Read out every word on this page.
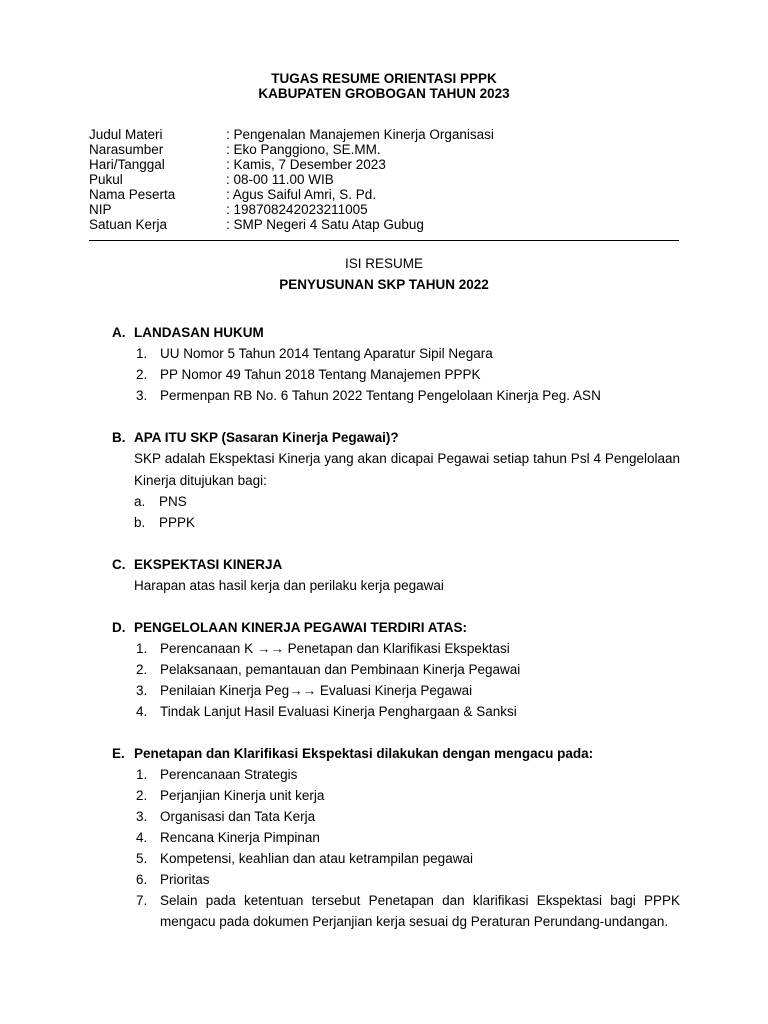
TUGAS RESUME ORIENTASI PPPK
KABUPATEN GROBOGAN TAHUN 2023
Judul Materi	: Pengenalan Manajemen Kinerja Organisasi
Narasumber	: Eko Panggiono, SE.MM.
Hari/Tanggal	: Kamis, 7 Desember 2023
Pukul	: 08-00 11.00 WIB
Nama Peserta	: Agus Saiful Amri, S. Pd.
NIP	: 198708242023211005
Satuan Kerja	: SMP Negeri 4 Satu Atap Gubug
ISI RESUME
PENYUSUNAN SKP TAHUN 2022
A. LANDASAN HUKUM
1. UU Nomor 5 Tahun 2014 Tentang Aparatur Sipil Negara
2. PP Nomor 49 Tahun 2018 Tentang Manajemen PPPK
3. Permenpan RB No. 6 Tahun 2022 Tentang Pengelolaan Kinerja Peg. ASN
B. APA ITU SKP (Sasaran Kinerja Pegawai)?
SKP adalah Ekspektasi Kinerja yang akan dicapai Pegawai setiap tahun Psl 4 Pengelolaan Kinerja ditujukan bagi:
a.	PNS
b.	PPPK
C. EKSPEKTASI KINERJA
Harapan atas hasil kerja dan perilaku kerja pegawai
D. PENGELOLAAN KINERJA PEGAWAI TERDIRI ATAS:
1. Perencanaan K →→ Penetapan dan Klarifikasi Ekspektasi
2. Pelaksanaan, pemantauan dan Pembinaan Kinerja Pegawai
3. Penilaian Kinerja Peg→→ Evaluasi Kinerja Pegawai
4. Tindak Lanjut Hasil Evaluasi Kinerja Penghargaan & Sanksi
E. Penetapan dan Klarifikasi Ekspektasi dilakukan dengan mengacu pada:
1. Perencanaan Strategis
2. Perjanjian Kinerja unit kerja
3. Organisasi dan Tata Kerja
4. Rencana Kinerja Pimpinan
5. Kompetensi, keahlian dan atau ketrampilan pegawai
6. Prioritas
7. Selain pada ketentuan tersebut Penetapan dan klarifikasi Ekspektasi bagi PPPK mengacu pada dokumen Perjanjian kerja sesuai dg Peraturan Perundang-undangan.
